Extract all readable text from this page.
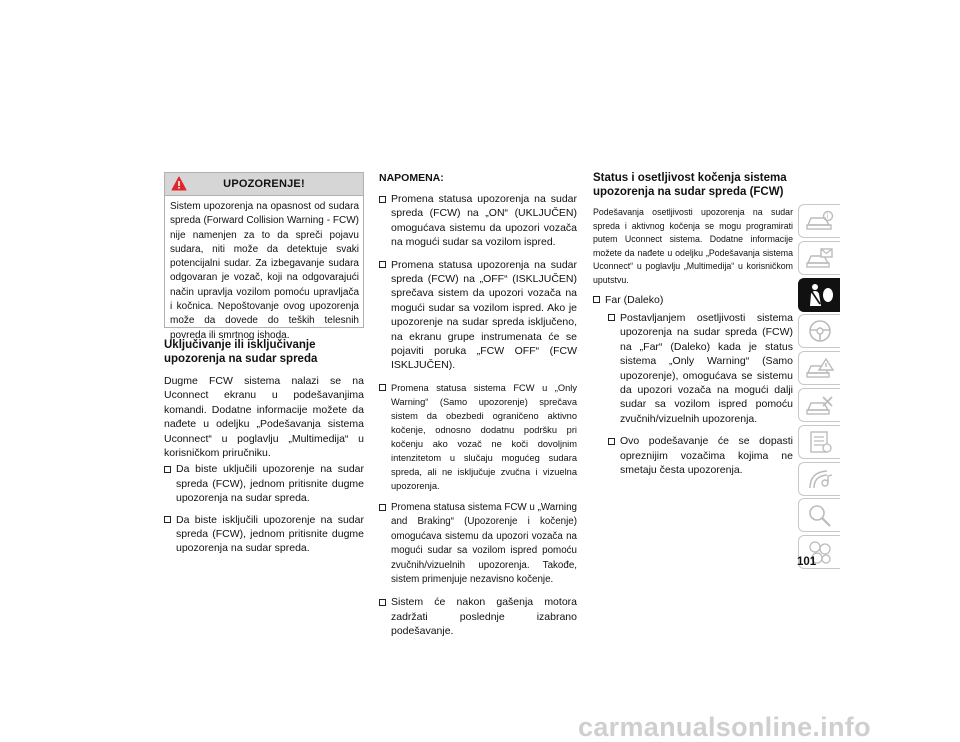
UPOZORENJE!
Sistem upozorenja na opasnost od sudara spreda (Forward Collision Warning - FCW) nije namenjen za to da spreči pojavu sudara, niti može da detektuje svaki potencijalni sudar. Za izbegavanje sudara odgovaran je vozač, koji na odgovarajući način upravlja vozilom pomoću upravljača i kočnica. Nepoštovanje ovog upozorenja može da dovede do teških telesnih povreda ili smrtnog ishoda.
Uključivanje ili isključivanje upozorenja na sudar spreda
Dugme FCW sistema nalazi se na Uconnect ekranu u podešavanjima komandi. Dodatne informacije možete da nađete u odeljku „Podešavanja sistema Uconnect“ u poglavlju „Multimedija“ u korisničkom priručniku.
Da biste uključili upozorenje na sudar spreda (FCW), jednom pritisnite dugme upozorenja na sudar spreda.
Da biste isključili upozorenje na sudar spreda (FCW), jednom pritisnite dugme upozorenja na sudar spreda.
NAPOMENA:
Promena statusa upozorenja na sudar spreda (FCW) na „ON“ (UKLJUČEN) omogućava sistemu da upozori vozača na mogući sudar sa vozilom ispred.
Promena statusa upozorenja na sudar spreda (FCW) na „OFF“ (ISKLJUČEN) sprečava sistem da upozori vozača na mogući sudar sa vozilom ispred. Ako je upozorenje na sudar spreda isključeno, na ekranu grupe instrumenata će se pojaviti poruka „FCW OFF“ (FCW ISKLJUČEN).
Promena statusa sistema FCW u „Only Warning“ (Samo upozorenje) sprečava sistem da obezbedi ograničeno aktivno kočenje, odnosno dodatnu podršku pri kočenju ako vozač ne koči dovoljnim intenzitetom u slučaju mogućeg sudara spreda, ali ne isključuje zvučna i vizuelna upozorenja.
Promena statusa sistema FCW u „Warning and Braking“ (Upozorenje i kočenje) omogućava sistemu da upozori vozača na mogući sudar sa vozilom ispred pomoću zvučnih/vizuelnih upozorenja. Takođe, sistem primenjuje nezavisno kočenje.
Sistem će nakon gašenja motora zadržati poslednje izabrano podešavanje.
Status i osetljivost kočenja sistema upozorenja na sudar spreda (FCW)
Podešavanja osetljivosti upozorenja na sudar spreda i aktivnog kočenja se mogu programirati putem Uconnect sistema. Dodatne informacije možete da nađete u odeljku „Podešavanja sistema Uconnect“ u poglavlju „Multimedija“ u korisničkom uputstvu.
Far (Daleko)
Postavljanjem osetljivosti sistema upozorenja na sudar spreda (FCW) na „Far“ (Daleko) kada je status sistema „Only Warning“ (Samo upozorenje), omogućava se sistemu da upozori vozača na mogući dalji sudar sa vozilom ispred pomoću zvučnih/vizuelnih upozorenja.
Ovo podešavanje će se dopasti opreznijim vozačima kojima ne smetaju česta upozorenja.
i
101
carmanualsonline.info
